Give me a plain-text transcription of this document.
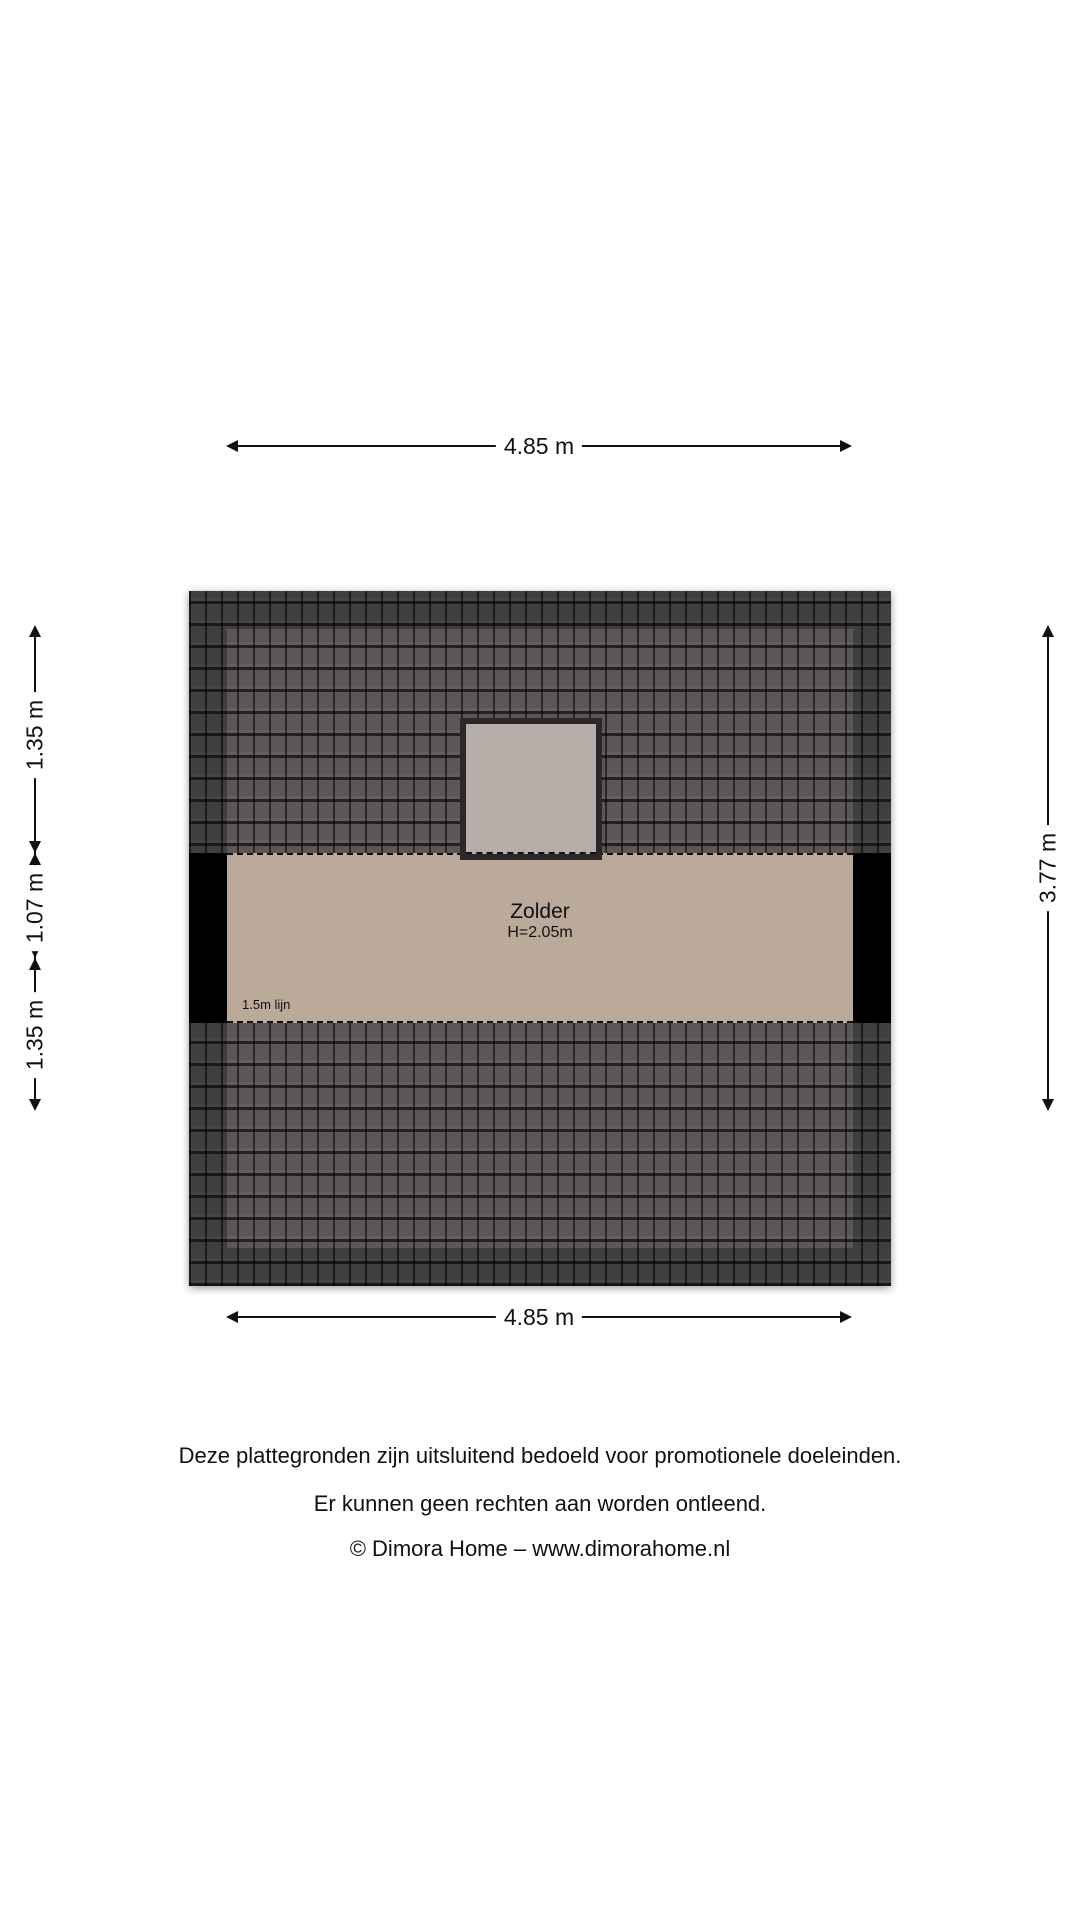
4.85 m
Zolder
H=2.05m
1.5m lijn
1.35 m
1.07 m
1.35 m
3.77 m
4.85 m
Deze plattegronden zijn uitsluitend bedoeld voor promotionele doeleinden.
Er kunnen geen rechten aan worden ontleend.
© Dimora Home – www.dimorahome.nl
